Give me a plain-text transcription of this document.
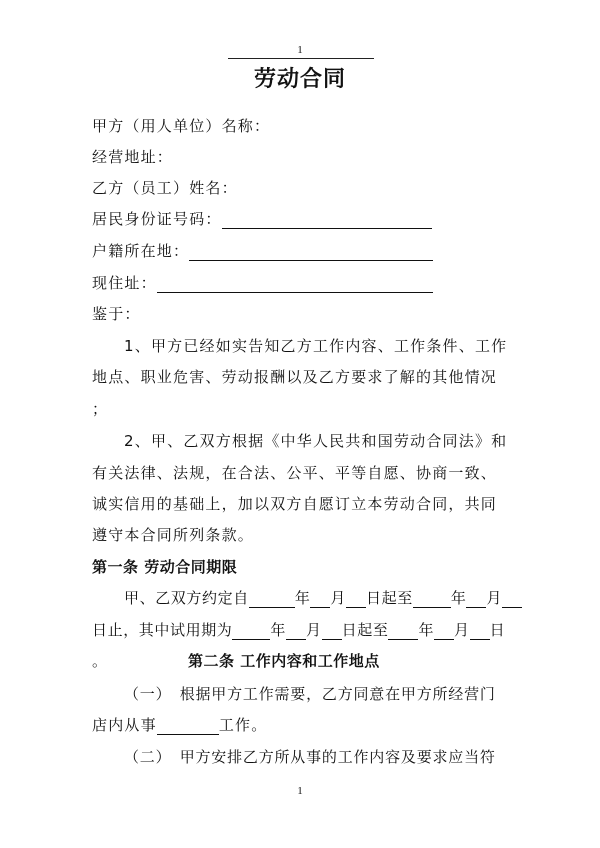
1
劳动合同
甲方（用人单位）名称：
经营地址：
乙方（员工）姓名：
居民身份证号码：
户籍所在地：
现住址：
鉴于：
1、甲方已经如实告知乙方工作内容、工作条件、工作
地点、职业危害、劳动报酬以及乙方要求了解的其他情况
；
2、甲、乙双方根据《中华人民共和国劳动合同法》和
有关法律、法规，在合法、公平、平等自愿、协商一致、
诚实信用的基础上，加以双方自愿订立本劳动合同，共同
遵守本合同所列条款。
第一条 劳动合同期限
甲、乙双方约定自	年 月 日起至	年 月
日止，其中试用期为	年 月 日起至 年 月 日
。	第二条 工作内容和工作地点
（一）　根据甲方工作需要，乙方同意在甲方所经营门
店内从事	工作。
（二）　甲方安排乙方所从事的工作内容及要求应当符
1
